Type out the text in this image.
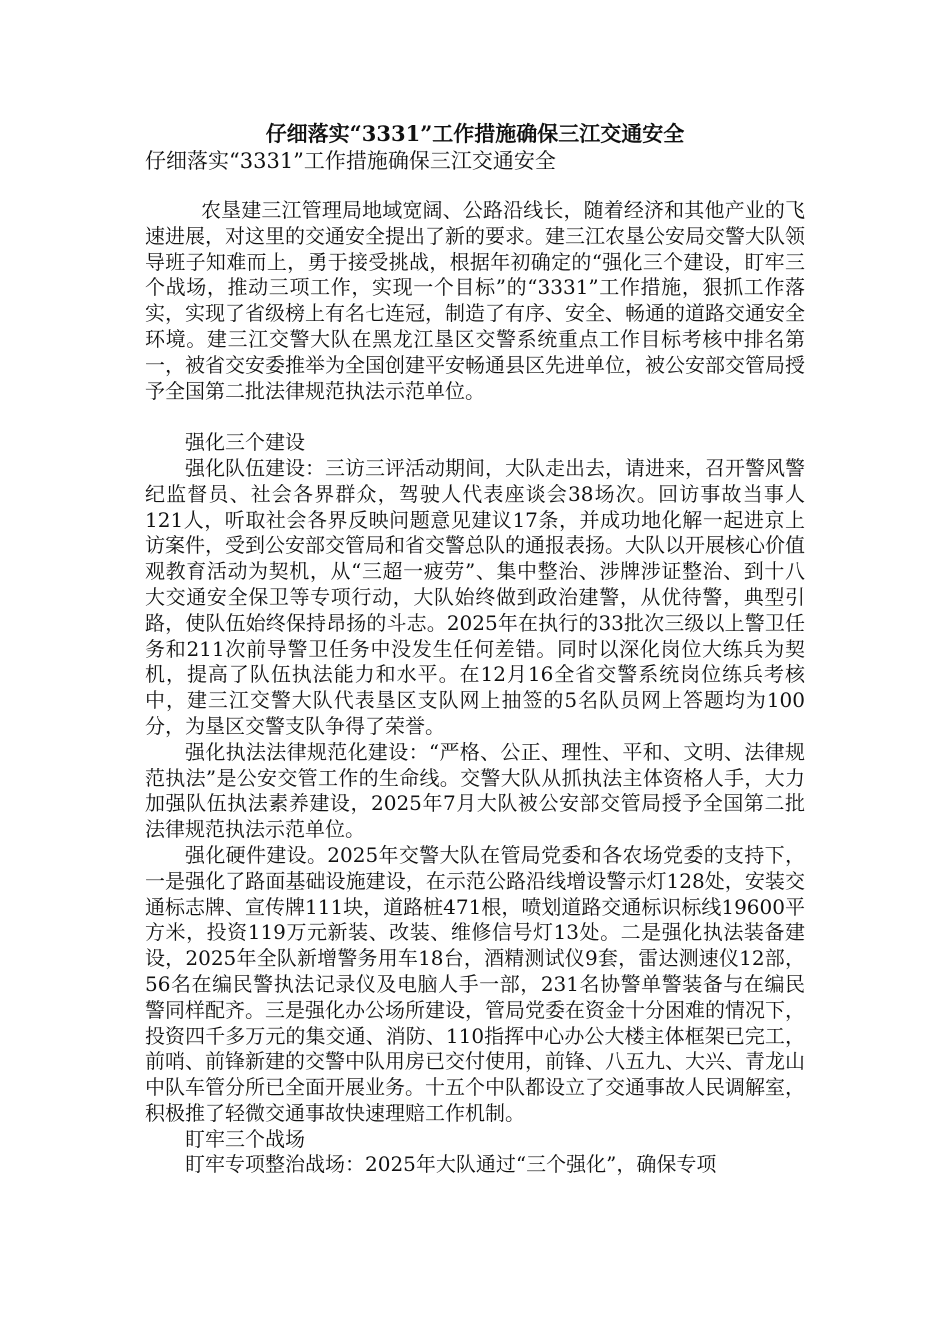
仔细落实“3331”工作措施确保三江交通安全
仔细落实“3331”工作措施确保三江交通安全

农垦建三江管理局地域宽阔、公路沿线长，随着经济和其他产业的飞速进展，对这里的交通安全提出了新的要求。建三江农垦公安局交警大队领导班子知难而上，勇于接受挑战，根据年初确定的“强化三个建设，盯牢三个战场，推动三项工作，实现一个目标”的“3331”工作措施，狠抓工作落实，实现了省级榜上有名七连冠，制造了有序、安全、畅通的道路交通安全环境。建三江交警大队在黑龙江垦区交警系统重点工作目标考核中排名第一，被省交安委推举为全国创建平安畅通县区先进单位，被公安部交管局授予全国第二批法律规范执法示范单位。

强化三个建设

强化队伍建设：三访三评活动期间，大队走出去，请进来，召开警风警纪监督员、社会各界群众，驾驶人代表座谈会38场次。回访事故当事人121人，听取社会各界反映问题意见建议17条，并成功地化解一起进京上访案件，受到公安部交管局和省交警总队的通报表扬。大队以开展核心价值观教育活动为契机，从“三超一疲劳”、集中整治、涉牌涉证整治、到十八大交通安全保卫等专项行动，大队始终做到政治建警，从优待警，典型引路，使队伍始终保持昂扬的斗志。2025年在执行的33批次三级以上警卫任务和211次前导警卫任务中没发生任何差错。同时以深化岗位大练兵为契机，提高了队伍执法能力和水平。在12月16全省交警系统岗位练兵考核中，建三江交警大队代表垦区支队网上抽签的5名队员网上答题均为100分，为垦区交警支队争得了荣誉。

强化执法法律规范化建设：“严格、公正、理性、平和、文明、法律规范执法”是公安交管工作的生命线。交警大队从抓执法主体资格人手，大力加强队伍执法素养建设，2025年7月大队被公安部交管局授予全国第二批法律规范执法示范单位。

强化硬件建设。2025年交警大队在管局党委和各农场党委的支持下，一是强化了路面基础设施建设，在示范公路沿线增设警示灯128处，安装交通标志牌、宣传牌111块，道路桩471根，喷划道路交通标识标线19600平方米，投资119万元新装、改装、维修信号灯13处。二是强化执法装备建设，2025年全队新增警务用车18台，酒精测试仪9套，雷达测速仪12部，56名在编民警执法记录仪及电脑人手一部，231名协警单警装备与在编民警同样配齐。三是强化办公场所建设，管局党委在资金十分困难的情况下，投资四千多万元的集交通、消防、110指挥中心办公大楼主体框架已完工，前哨、前锋新建的交警中队用房已交付使用，前锋、八五九、大兴、青龙山中队车管分所已全面开展业务。十五个中队都设立了交通事故人民调解室，积极推了轻微交通事故快速理赔工作机制。

盯牢三个战场

盯牢专项整治战场：2025年大队通过“三个强化”，确保专项
